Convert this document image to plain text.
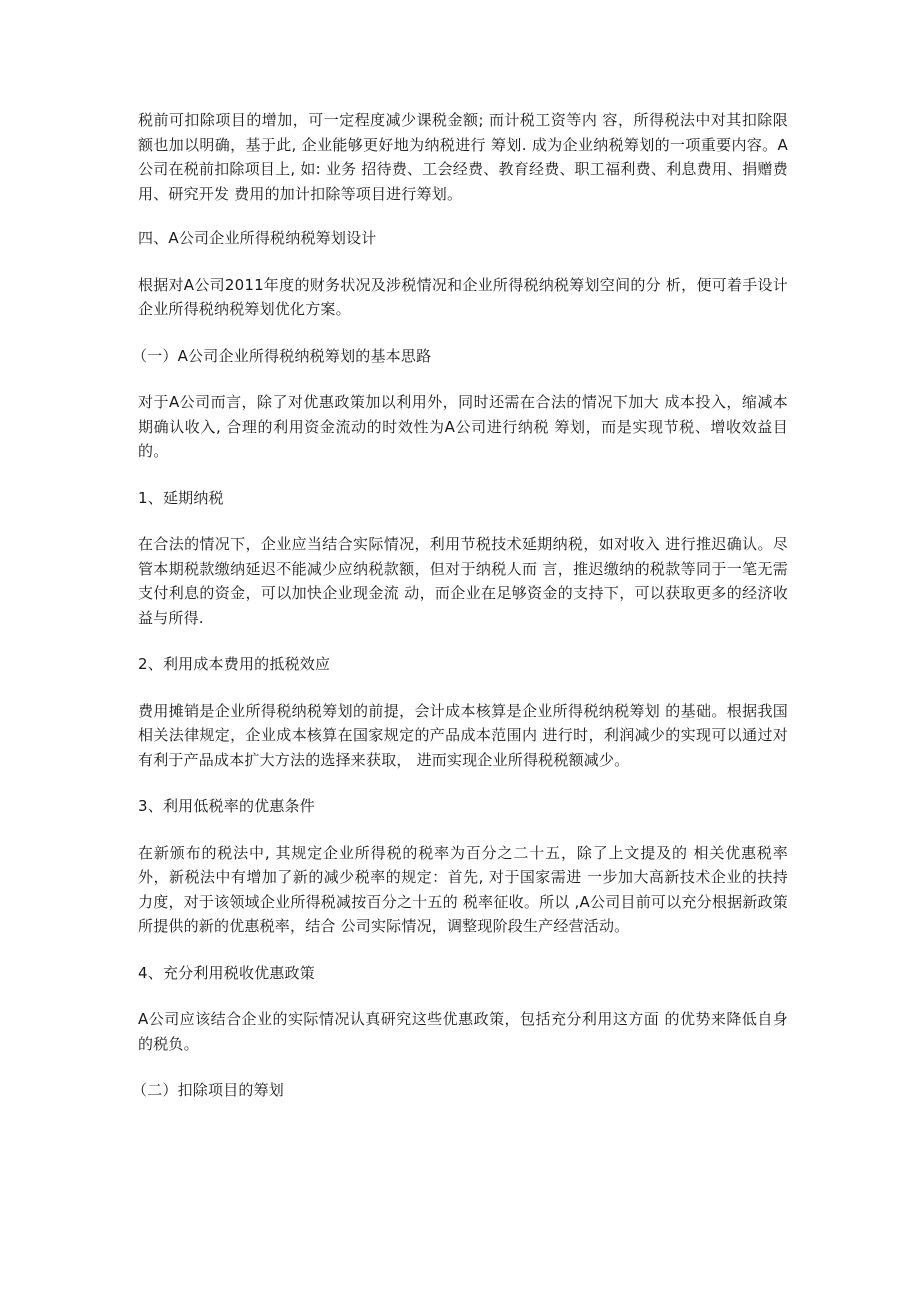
税前可扣除项目的增加，可一定程度减少课税金额; 而计税工资等内 容，所得税法中对其扣除限额也加以明确，基于此, 企业能够更好地为纳税进行 筹划. 成为企业纳税筹划的一项重要内容。A公司在税前扣除项目上, 如: 业务 招待费、工会经费、教育经费、职工福利费、利息费用、捐赠费用、研究开发 费用的加计扣除等项目进行筹划。

四、A公司企业所得税纳税筹划设计

根据对A公司2011年度的财务状况及涉税情况和企业所得税纳税筹划空间的分 析，便可着手设计企业所得税纳税筹划优化方案。

（一）A公司企业所得税纳税筹划的基本思路

对于A公司而言，除了对优惠政策加以利用外，同时还需在合法的情况下加大 成本投入，缩减本期确认收入, 合理的利用资金流动的时效性为A公司进行纳税 筹划，而是实现节税、增收效益目的。

1、延期纳税

在合法的情况下，企业应当结合实际情况，利用节税技术延期纳税，如对收入 进行推迟确认。尽管本期税款缴纳延迟不能减少应纳税款额，但对于纳税人而 言，推迟缴纳的税款等同于一笔无需支付利息的资金，可以加快企业现金流 动，而企业在足够资金的支持下，可以获取更多的经济收益与所得.

2、利用成本费用的抵税效应

费用摊销是企业所得税纳税筹划的前提，会计成本核算是企业所得税纳税筹划 的基础。根据我国相关法律规定，企业成本核算在国家规定的产品成本范围内 进行时，利润减少的实现可以通过对有利于产品成本扩大方法的选择来获取， 进而实现企业所得税税额减少。

3、利用低税率的优惠条件

在新颁布的税法中, 其规定企业所得税的税率为百分之二十五，除了上文提及的 相关优惠税率外，新税法中有增加了新的减少税率的规定：首先, 对于国家需进 一步加大高新技术企业的扶持力度，对于该领域企业所得税减按百分之十五的 税率征收。所以 ,A公司目前可以充分根据新政策所提供的新的优惠税率，结合 公司实际情况，调整现阶段生产经营活动。

4、充分利用税收优惠政策

A公司应该结合企业的实际情况认真研究这些优惠政策，包括充分利用这方面 的优势来降低自身的税负。

（二）扣除项目的筹划
